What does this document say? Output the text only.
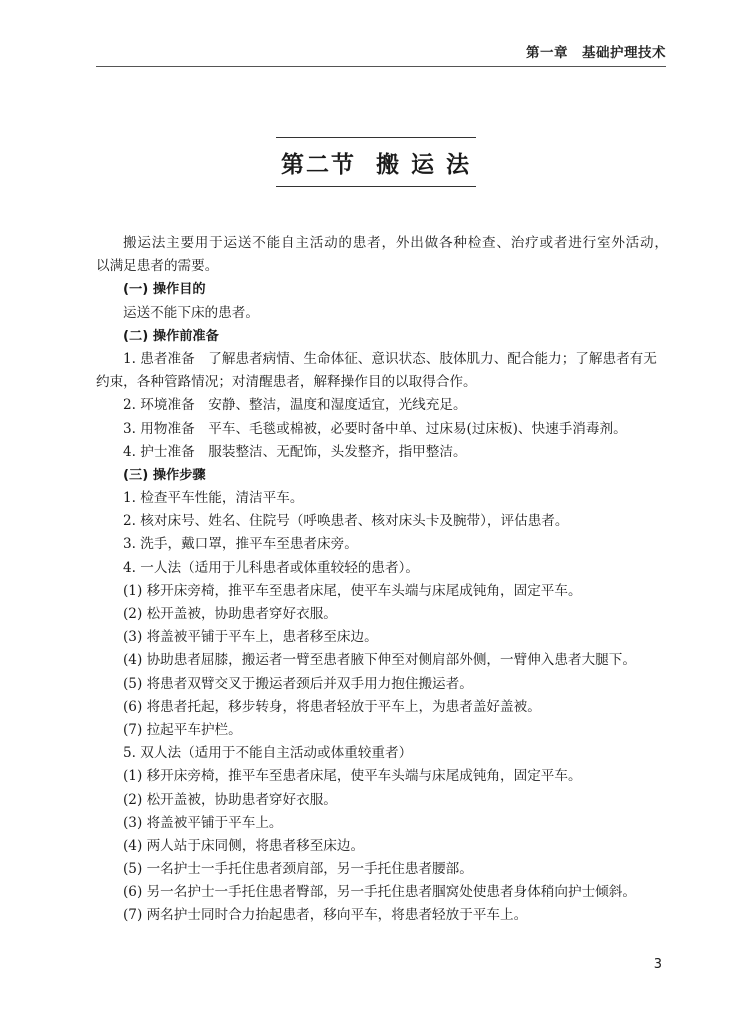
第一章　基础护理技术
第二节  搬 运 法
搬运法主要用于运送不能自主活动的患者，外出做各种检查、治疗或者进行室外活动，
以满足患者的需要。
(一) 操作目的
运送不能下床的患者。
(二) 操作前准备
1. 患者准备　了解患者病情、生命体征、意识状态、肢体肌力、配合能力；了解患者有无
约束，各种管路情况；对清醒患者，解释操作目的以取得合作。
2. 环境准备　安静、整洁，温度和湿度适宜，光线充足。
3. 用物准备　平车、毛毯或棉被，必要时备中单、过床易(过床板)、快速手消毒剂。
4. 护士准备　服装整洁、无配饰，头发整齐，指甲整洁。
(三) 操作步骤
1. 检查平车性能，清洁平车。
2. 核对床号、姓名、住院号（呼唤患者、核对床头卡及腕带），评估患者。
3. 洗手，戴口罩，推平车至患者床旁。
4. 一人法（适用于儿科患者或体重较轻的患者）。
(1) 移开床旁椅，推平车至患者床尾，使平车头端与床尾成钝角，固定平车。
(2) 松开盖被，协助患者穿好衣服。
(3) 将盖被平铺于平车上，患者移至床边。
(4) 协助患者屈膝，搬运者一臂至患者腋下伸至对侧肩部外侧，一臂伸入患者大腿下。
(5) 将患者双臂交叉于搬运者颈后并双手用力抱住搬运者。
(6) 将患者托起，移步转身，将患者轻放于平车上，为患者盖好盖被。
(7) 拉起平车护栏。
5. 双人法（适用于不能自主活动或体重较重者）
(1) 移开床旁椅，推平车至患者床尾，使平车头端与床尾成钝角，固定平车。
(2) 松开盖被，协助患者穿好衣服。
(3) 将盖被平铺于平车上。
(4) 两人站于床同侧，将患者移至床边。
(5) 一名护士一手托住患者颈肩部，另一手托住患者腰部。
(6) 另一名护士一手托住患者臀部，另一手托住患者腘窝处使患者身体稍向护士倾斜。
(7) 两名护士同时合力抬起患者，移向平车，将患者轻放于平车上。
3
